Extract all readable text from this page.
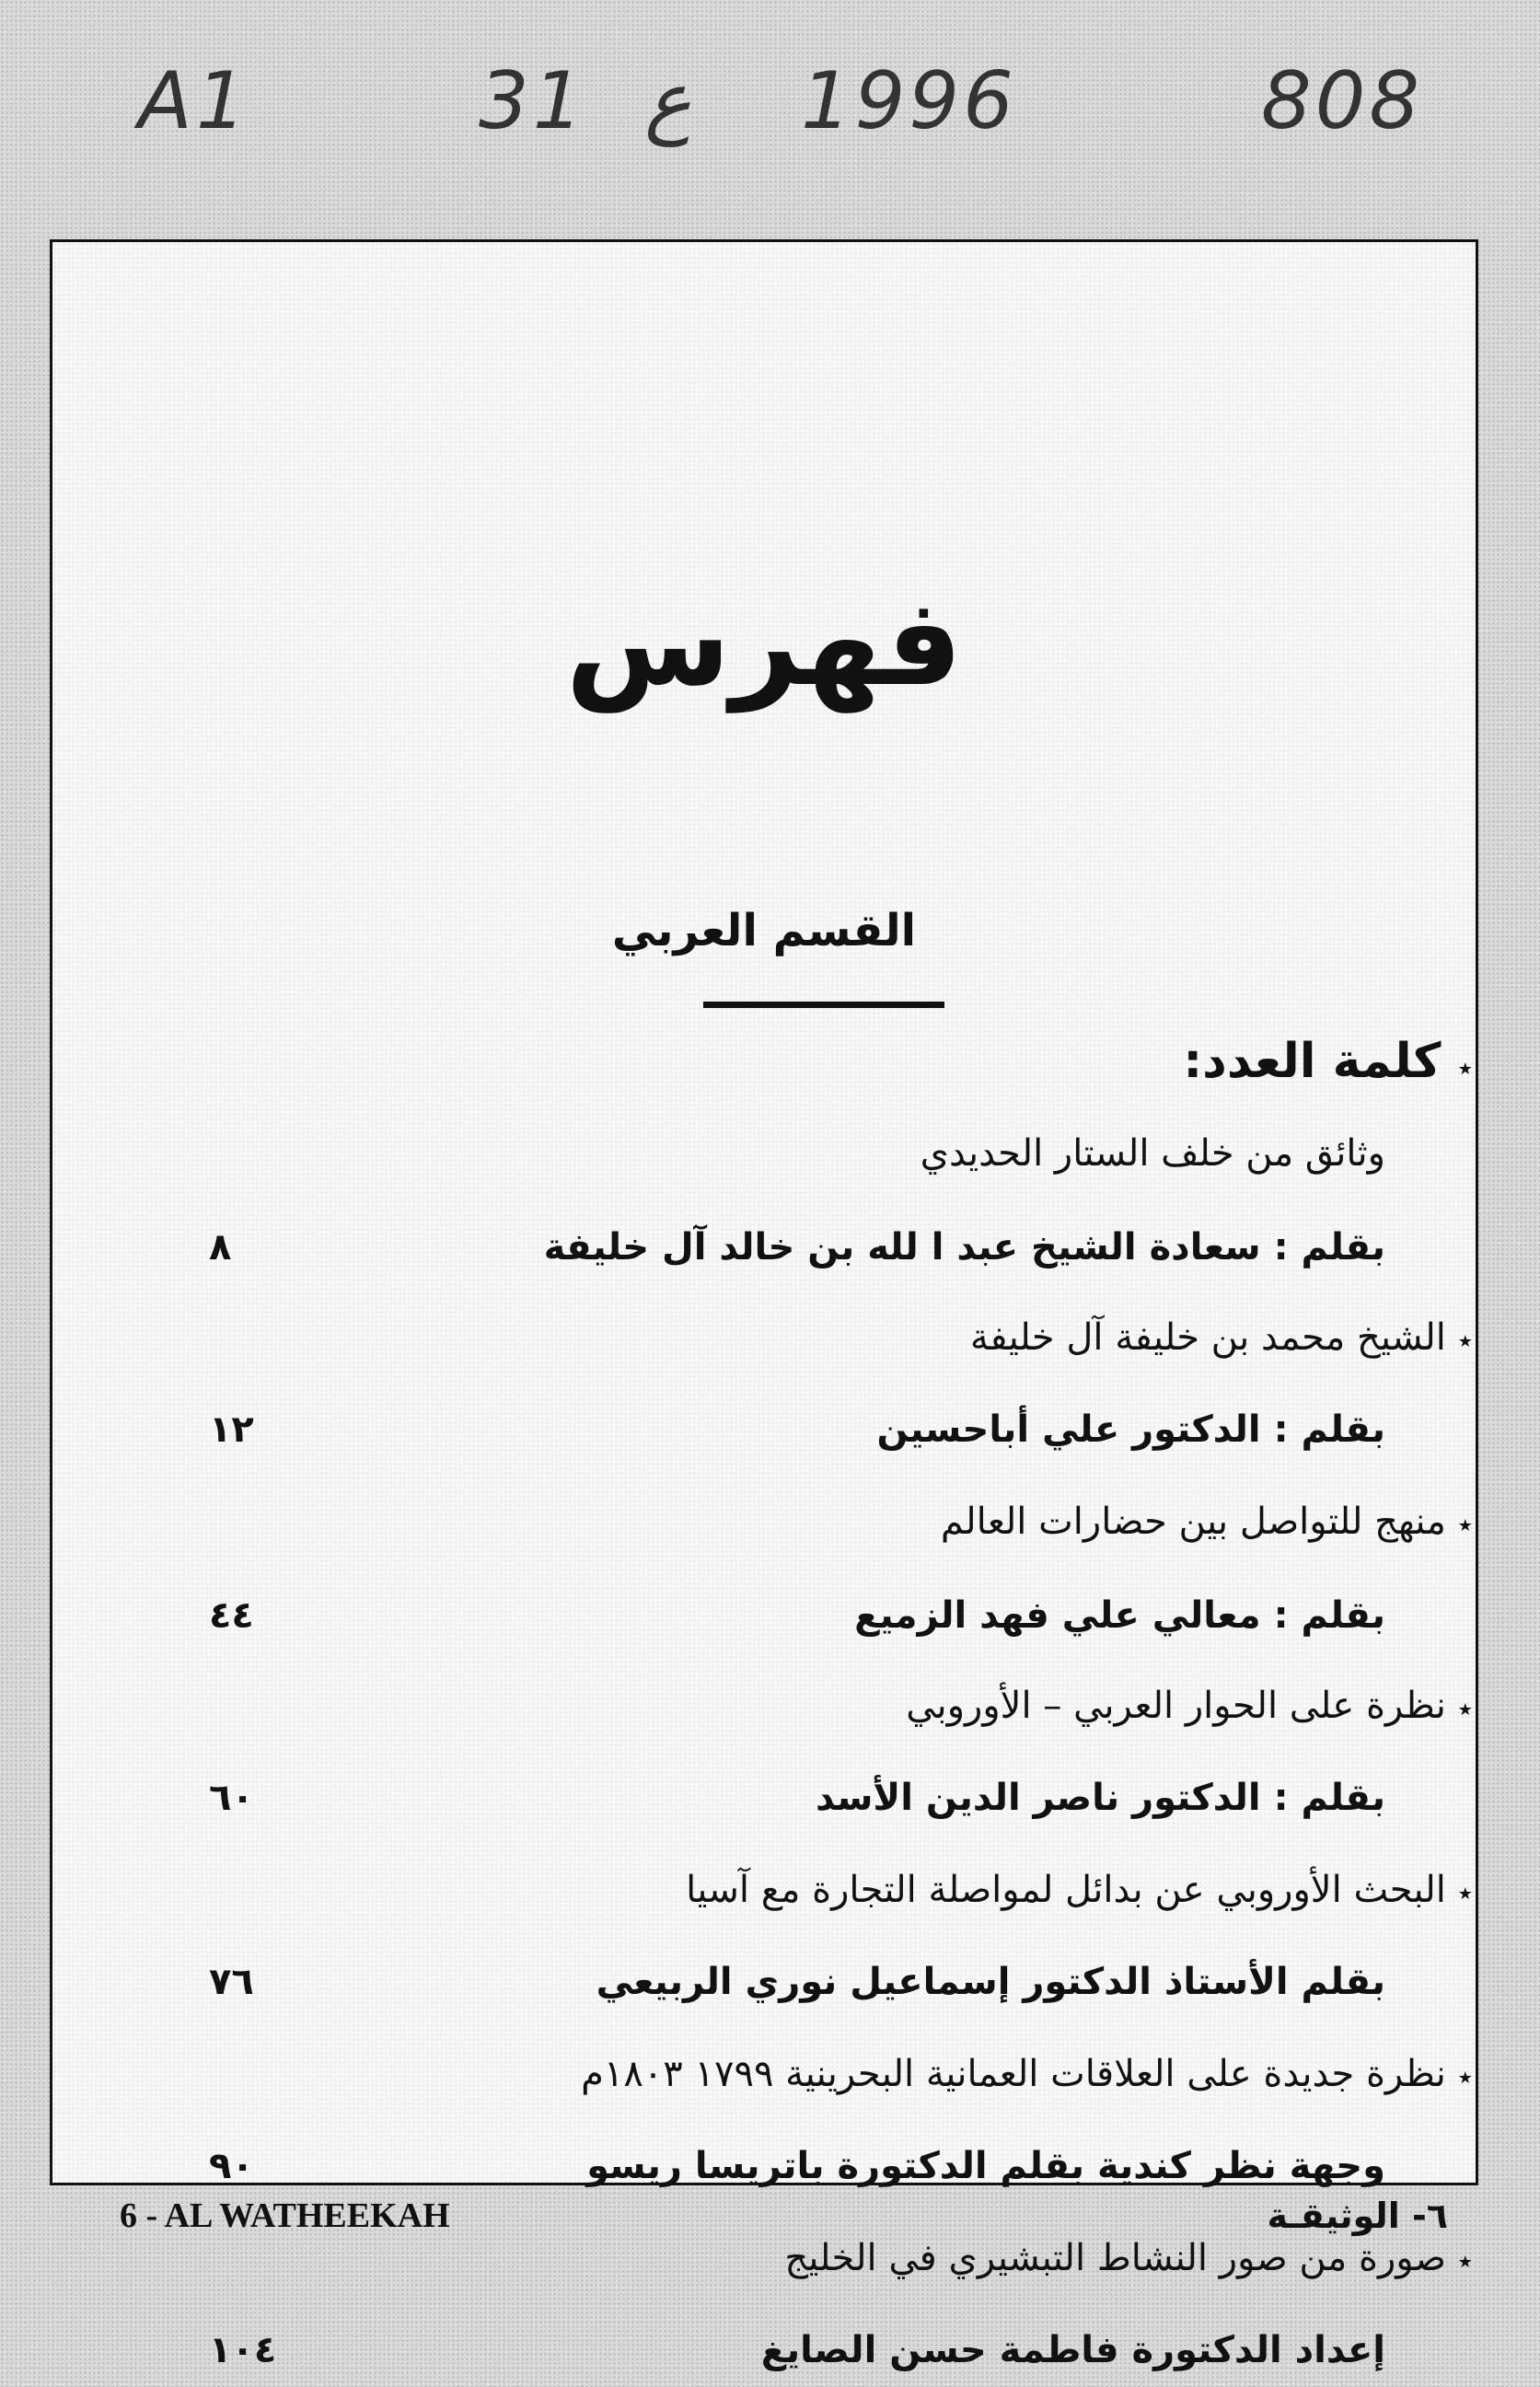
A1	31 ع 1996	808
فهرس
القسم العربي
٭ كلمة العدد:
وثائق من خلف الستار الحديدي
بقلم : سعادة الشيخ عبد ا لله بن خالد آل خليفة
٨
٭ الشيخ محمد بن خليفة آل خليفة
بقلم : الدكتور علي أباحسين
١٢
٭ منهج للتواصل بين حضارات العالم
بقلم : معالي علي فهد الزميع
٤٤
٭ نظرة على الحوار العربي – الأوروبي
بقلم : الدكتور ناصر الدين الأسد
٦٠
٭ البحث الأوروبي عن بدائل لمواصلة التجارة مع آسيا
بقلم الأستاذ الدكتور إسماعيل نوري الربيعي
٧٦
٭ نظرة جديدة على العلاقات العمانية البحرينية ١٧٩٩ ١٨٠٣م
وجهة نظر كندية بقلم الدكتورة باتريسا ريسو
٩٠
٭ صورة من صور النشاط التبشيري في الخليج
إعداد الدكتورة فاطمة حسن الصايغ
١٠٤
6 - AL WATHEEKAH	٦- الوثيقـة
